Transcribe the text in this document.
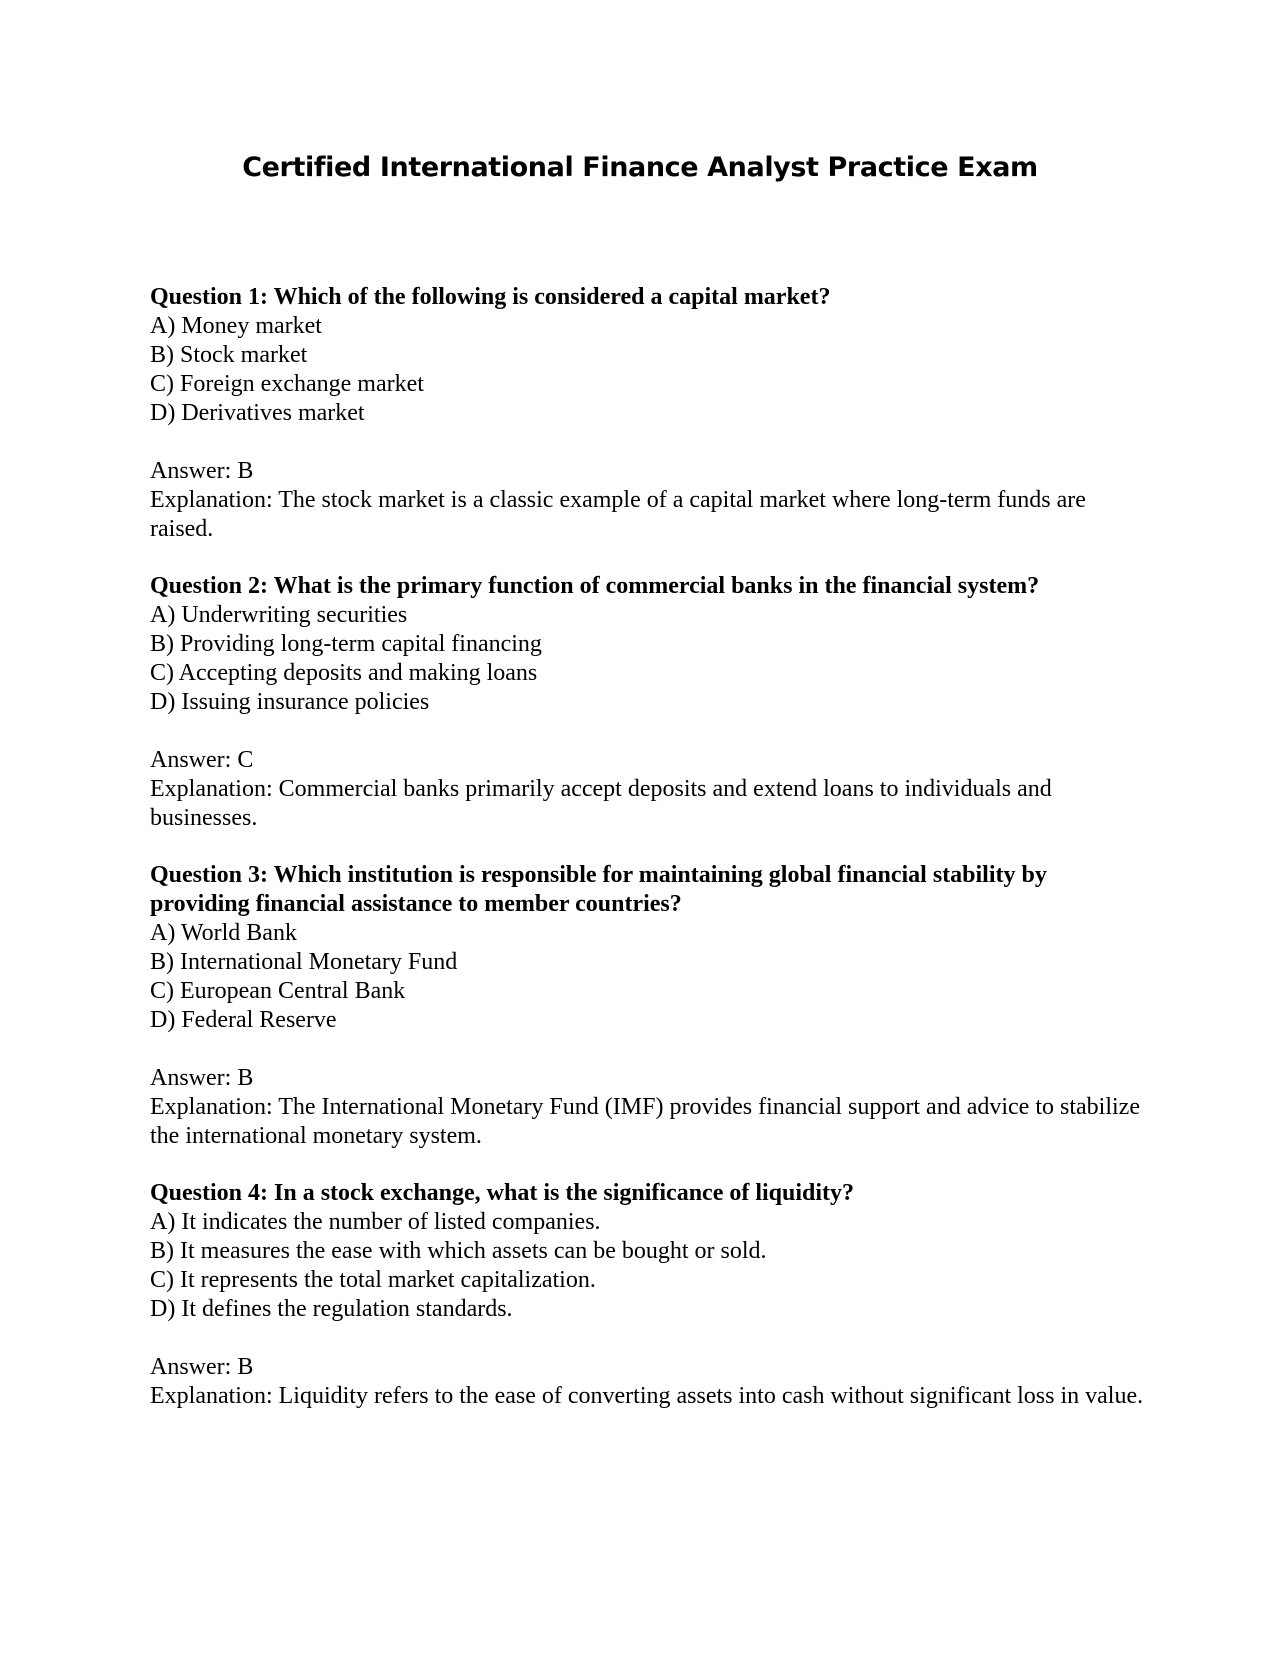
Certified International Finance Analyst Practice Exam
Question 1: Which of the following is considered a capital market?
A) Money market
B) Stock market
C) Foreign exchange market
D) Derivatives market
Answer: B
Explanation: The stock market is a classic example of a capital market where long-term funds are raised.
Question 2: What is the primary function of commercial banks in the financial system?
A) Underwriting securities
B) Providing long-term capital financing
C) Accepting deposits and making loans
D) Issuing insurance policies
Answer: C
Explanation: Commercial banks primarily accept deposits and extend loans to individuals and businesses.
Question 3: Which institution is responsible for maintaining global financial stability by providing financial assistance to member countries?
A) World Bank
B) International Monetary Fund
C) European Central Bank
D) Federal Reserve
Answer: B
Explanation: The International Monetary Fund (IMF) provides financial support and advice to stabilize the international monetary system.
Question 4: In a stock exchange, what is the significance of liquidity?
A) It indicates the number of listed companies.
B) It measures the ease with which assets can be bought or sold.
C) It represents the total market capitalization.
D) It defines the regulation standards.
Answer: B
Explanation: Liquidity refers to the ease of converting assets into cash without significant loss in value.
